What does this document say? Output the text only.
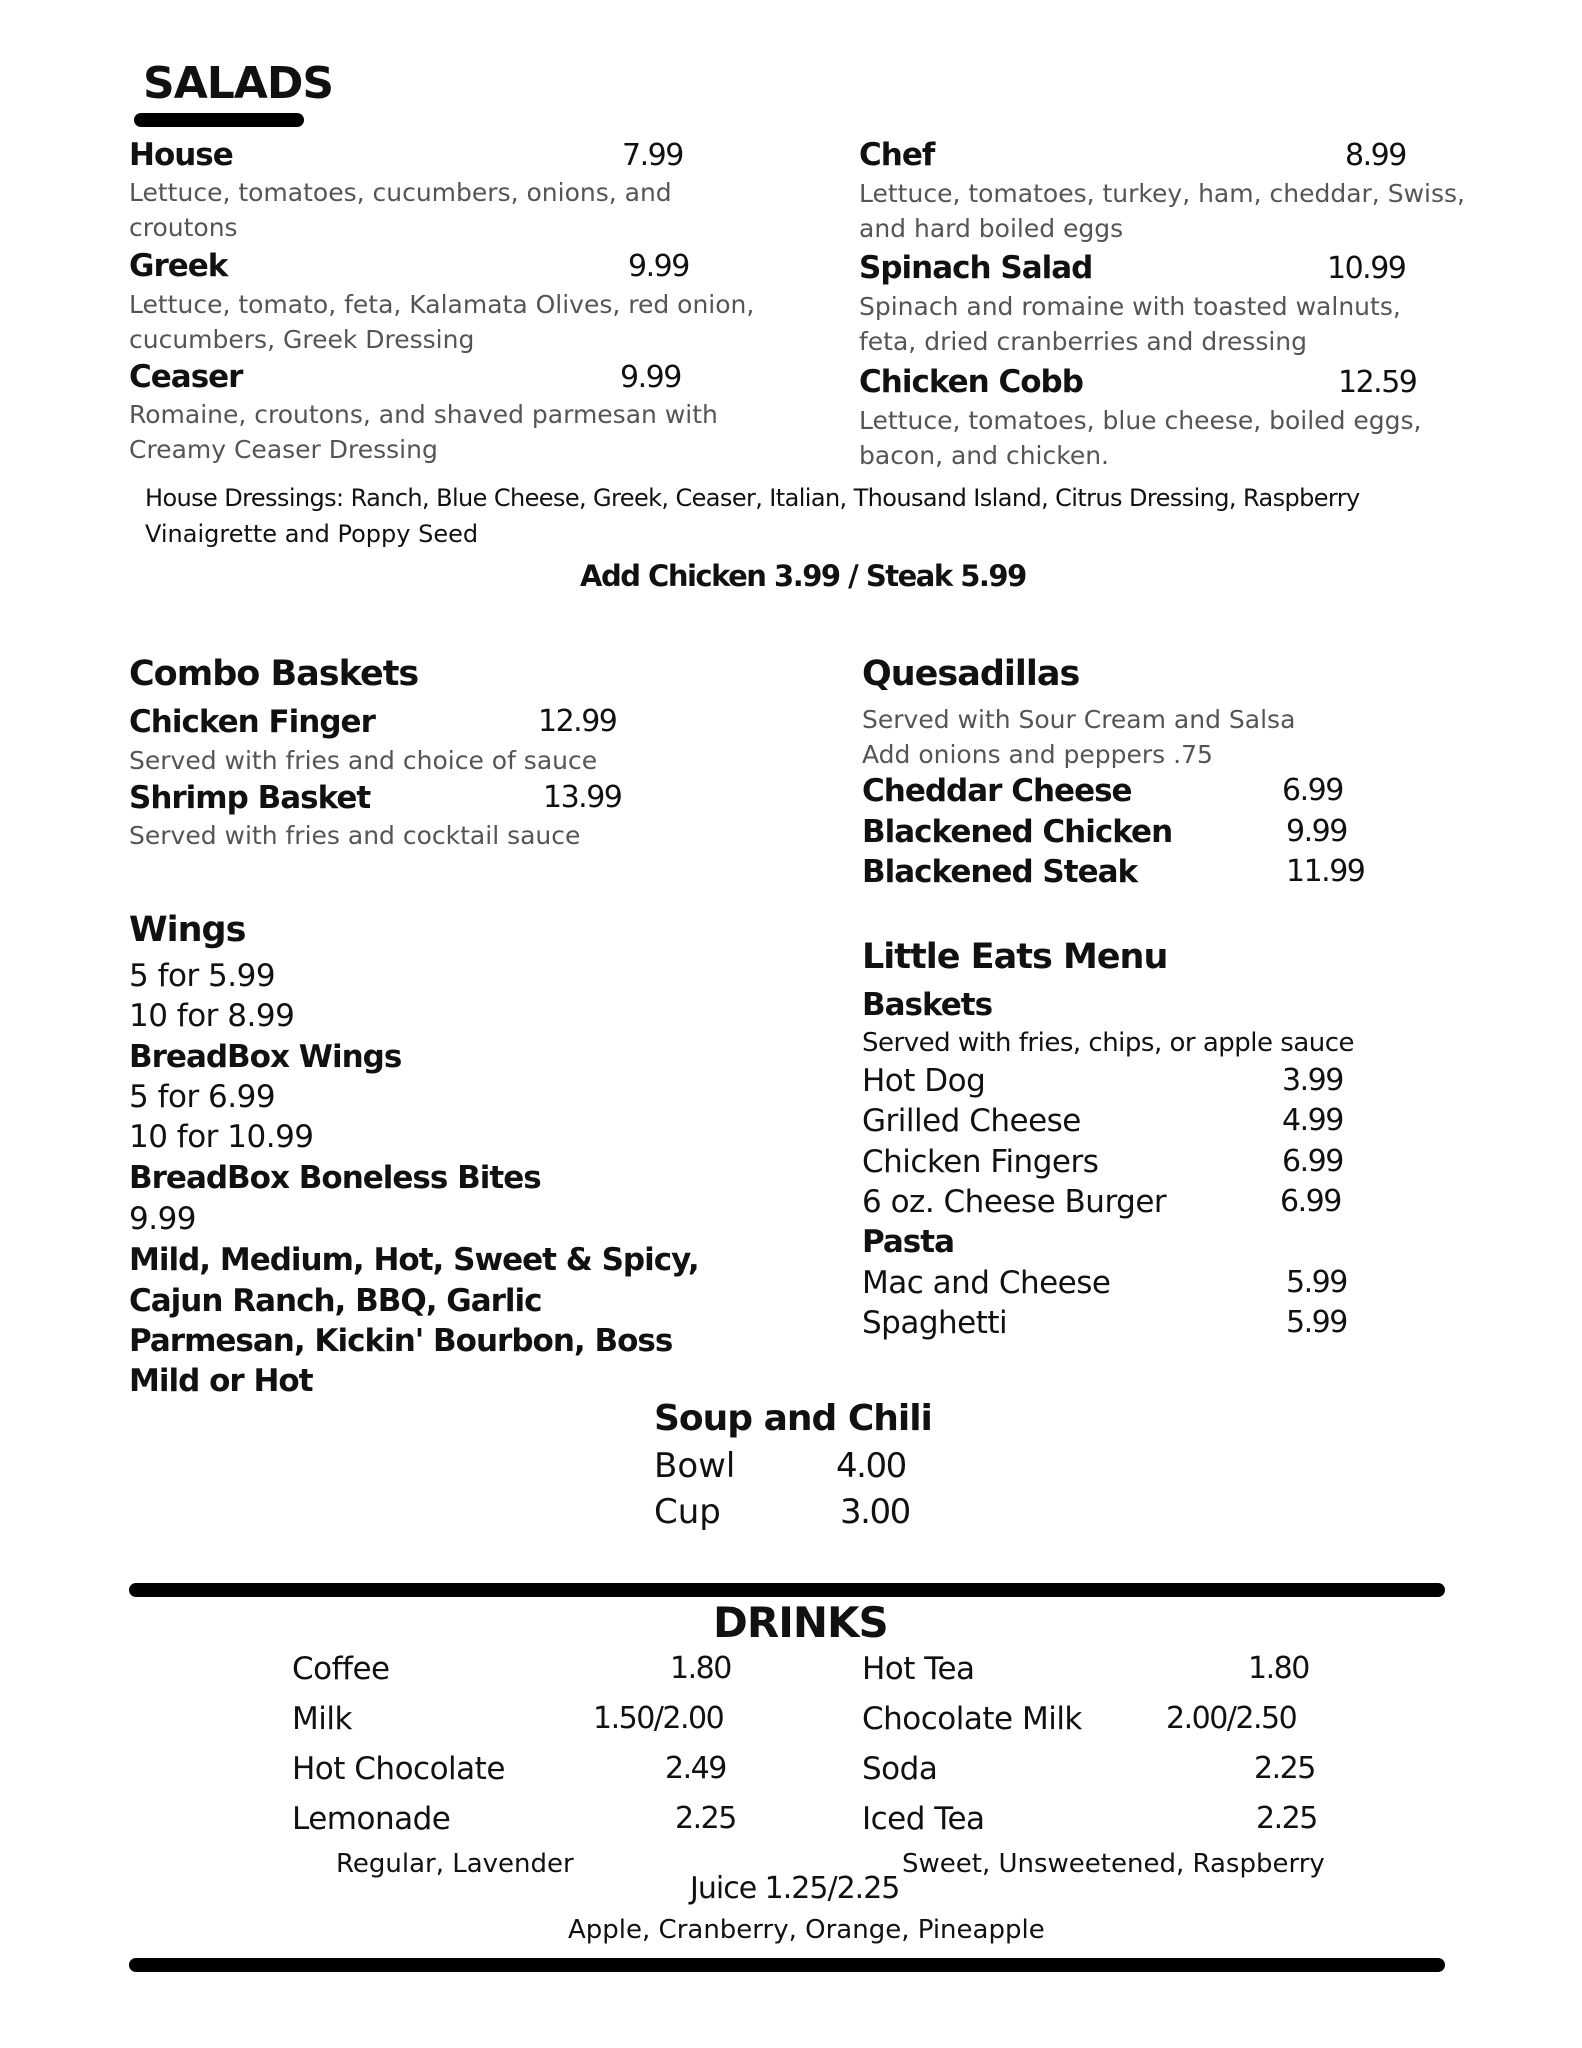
SALADS
House	7.99
Lettuce, tomatoes, cucumbers, onions, and
croutons
Greek	9.99
Lettuce, tomato, feta, Kalamata Olives, red onion,
cucumbers, Greek Dressing
Ceaser	9.99
Romaine, croutons, and shaved parmesan with
Creamy Ceaser Dressing
Chef	8.99
Lettuce, tomatoes, turkey, ham, cheddar, Swiss,
and hard boiled eggs
Spinach Salad	10.99
Spinach and romaine with toasted walnuts,
feta, dried cranberries and dressing
Chicken Cobb	12.59
Lettuce, tomatoes, blue cheese, boiled eggs,
bacon, and chicken.
House Dressings: Ranch, Blue Cheese, Greek, Ceaser, Italian, Thousand Island, Citrus Dressing, Raspberry
Vinaigrette and Poppy Seed
Add Chicken 3.99 / Steak 5.99
Combo Baskets
Chicken Finger	12.99
Served with fries and choice of sauce
Shrimp Basket	13.99
Served with fries and cocktail sauce
Quesadillas
Served with Sour Cream and Salsa
Add onions and peppers .75
Cheddar Cheese	6.99
Blackened Chicken	9.99
Blackened Steak	11.99
Wings
5 for 5.99
10 for 8.99
BreadBox Wings
5 for 6.99
10 for 10.99
BreadBox Boneless Bites
9.99
Mild, Medium, Hot, Sweet & Spicy,
Cajun Ranch, BBQ, Garlic
Parmesan, Kickin' Bourbon, Boss
Mild or Hot
Little Eats Menu
Baskets
Served with fries, chips, or apple sauce
Hot Dog	3.99
Grilled Cheese	4.99
Chicken Fingers	6.99
6 oz. Cheese Burger	6.99
Pasta
Mac and Cheese	5.99
Spaghetti	5.99
Soup and Chili
Bowl	4.00
Cup	3.00
DRINKS
Coffee	1.80
Milk	1.50/2.00
Hot Chocolate	2.49
Lemonade	2.25
Regular, Lavender
Hot Tea	1.80
Chocolate Milk	2.00/2.50
Soda	2.25
Iced Tea	2.25
Sweet, Unsweetened, Raspberry
Juice 1.25/2.25
Apple, Cranberry, Orange, Pineapple
